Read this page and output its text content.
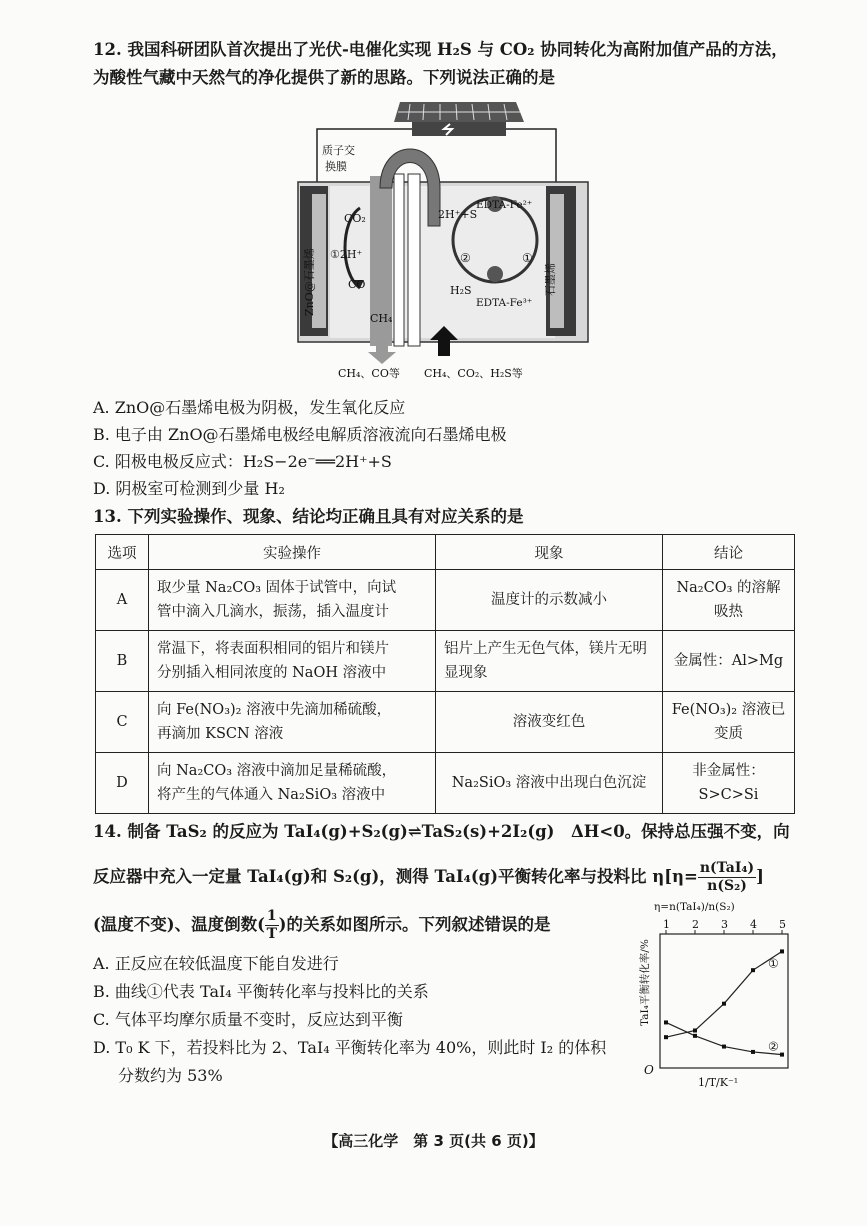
12. 我国科研团队首次提出了光伏-电催化实现 H₂S 与 CO₂ 协同转化为高附加值产品的方法，
为酸性气藏中天然气的净化提供了新的思路。下列说法正确的是
质子交
换膜
ZnO@石墨烯	石墨烯
CO₂
①2H⁺
CO
CH₄
2H⁺+S
EDTA-Fe²⁺
H₂S
EDTA-Fe³⁺
②	①
CH₄、CO等 CH₄、CO₂、H₂S等
A. ZnO@石墨烯电极为阴极，发生氧化反应
B. 电子由 ZnO@石墨烯电极经电解质溶液流向石墨烯电极
C. 阳极电极反应式：H₂S−2e⁻══2H⁺+S
D. 阴极室可检测到少量 H₂
13. 下列实验操作、现象、结论均正确且具有对应关系的是
选项	实验操作	现象	结论
A	取少量 Na₂CO₃ 固体于试管中，向试
管中滴入几滴水，振荡，插入温度计	温度计的示数减小	Na₂CO₃ 的溶解吸热
B	常温下，将表面积相同的铝片和镁片
分别插入相同浓度的 NaOH 溶液中	铝片上产生无色气体，镁片无明显现象	金属性：Al>Mg
C	向 Fe(NO₃)₂ 溶液中先滴加稀硫酸，
再滴加 KSCN 溶液	溶液变红色	Fe(NO₃)₂ 溶液已变质
D	向 Na₂CO₃ 溶液中滴加足量稀硫酸，
将产生的气体通入 Na₂SiO₃ 溶液中	Na₂SiO₃ 溶液中出现白色沉淀	非金属性：S>C>Si
14. 制备 TaS₂ 的反应为 TaI₄(g)+S₂(g)⇌TaS₂(s)+2I₂(g)　ΔH<0。保持总压强不变，向
反应器中充入一定量 TaI₄(g)和 S₂(g)，测得 TaI₄(g)平衡转化率与投料比 $\eta[\eta= \frac{\text{n(TaI₄)}}{\text{n(S₂)}}]$
(温度不变)、温度倒数( $\frac{1}{T}$)的关系如图所示。下列叙述错误的是
A. 正反应在较低温度下能自发进行
B. 曲线①代表 TaI₄ 平衡转化率与投料比的关系
C. 气体平均摩尔质量不变时，反应达到平衡
D. T₀ K 下，若投料比为 2、TaI₄ 平衡转化率为 40%，则此时 I₂ 的体积
分数约为 53%
η=n(TaI₄)/n(S₂)
1 2 3 4 5
①
②
TaI₄平衡转化率/%
O
1/T/K⁻¹
【高三化学　第 3 页(共 6 页)】
